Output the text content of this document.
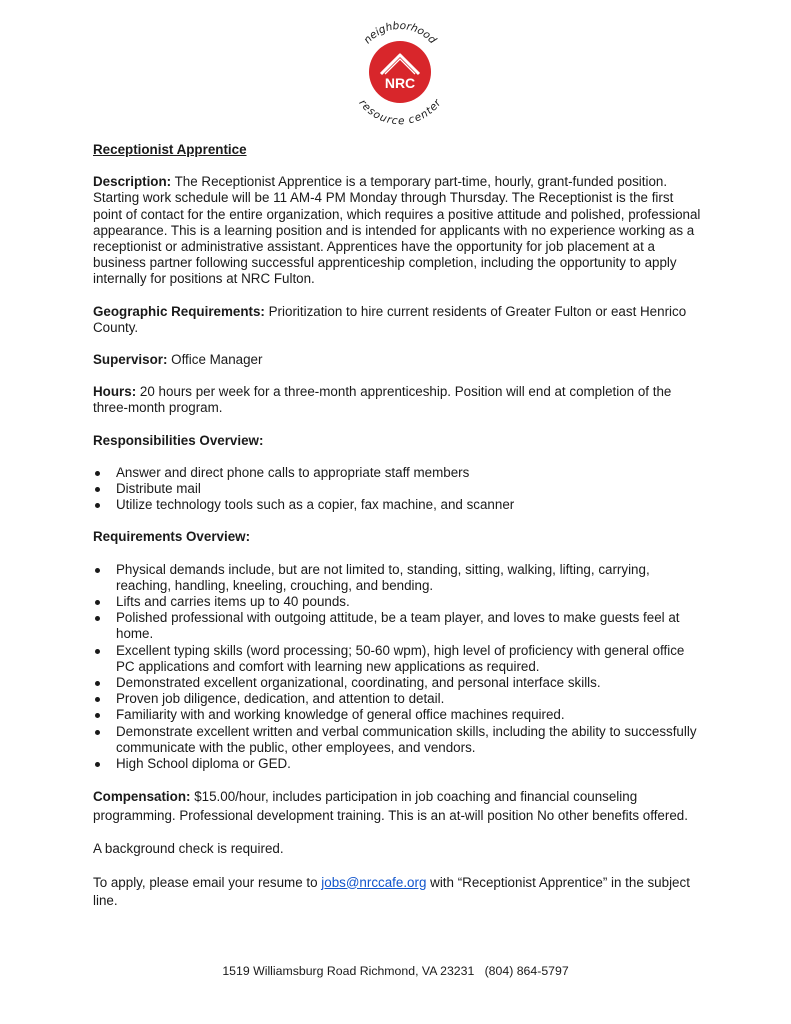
NRC
neighborhood
resource center

Receptionist Apprentice

Description: The Receptionist Apprentice is a temporary part-time, hourly, grant-funded position. Starting work schedule will be 11 AM-4 PM Monday through Thursday. The Receptionist is the first point of contact for the entire organization, which requires a positive attitude and polished, professional appearance. This is a learning position and is intended for applicants with no experience working as a receptionist or administrative assistant. Apprentices have the opportunity for job placement at a business partner following successful apprenticeship completion, including the opportunity to apply internally for positions at NRC Fulton.

Geographic Requirements: Prioritization to hire current residents of Greater Fulton or east Henrico County.

Supervisor: Office Manager

Hours: 20 hours per week for a three-month apprenticeship. Position will end at completion of the three-month program.

Responsibilities Overview:

Answer and direct phone calls to appropriate staff members
Distribute mail
Utilize technology tools such as a copier, fax machine, and scanner

Requirements Overview:

Physical demands include, but are not limited to, standing, sitting, walking, lifting, carrying, reaching, handling, kneeling, crouching, and bending.
Lifts and carries items up to 40 pounds.
Polished professional with outgoing attitude, be a team player, and loves to make guests feel at home.
Excellent typing skills (word processing; 50-60 wpm), high level of proficiency with general office PC applications and comfort with learning new applications as required.
Demonstrated excellent organizational, coordinating, and personal interface skills.
Proven job diligence, dedication, and attention to detail.
Familiarity with and working knowledge of general office machines required.
Demonstrate excellent written and verbal communication skills, including the ability to successfully communicate with the public, other employees, and vendors.
High School diploma or GED.

Compensation: $15.00/hour, includes participation in job coaching and financial counseling programming. Professional development training. This is an at-will position No other benefits offered.

A background check is required.

To apply, please email your resume to jobs@nrccafe.org with “Receptionist Apprentice” in the subject line.

1519 Williamsburg Road Richmond, VA 23231 (804) 864-5797
